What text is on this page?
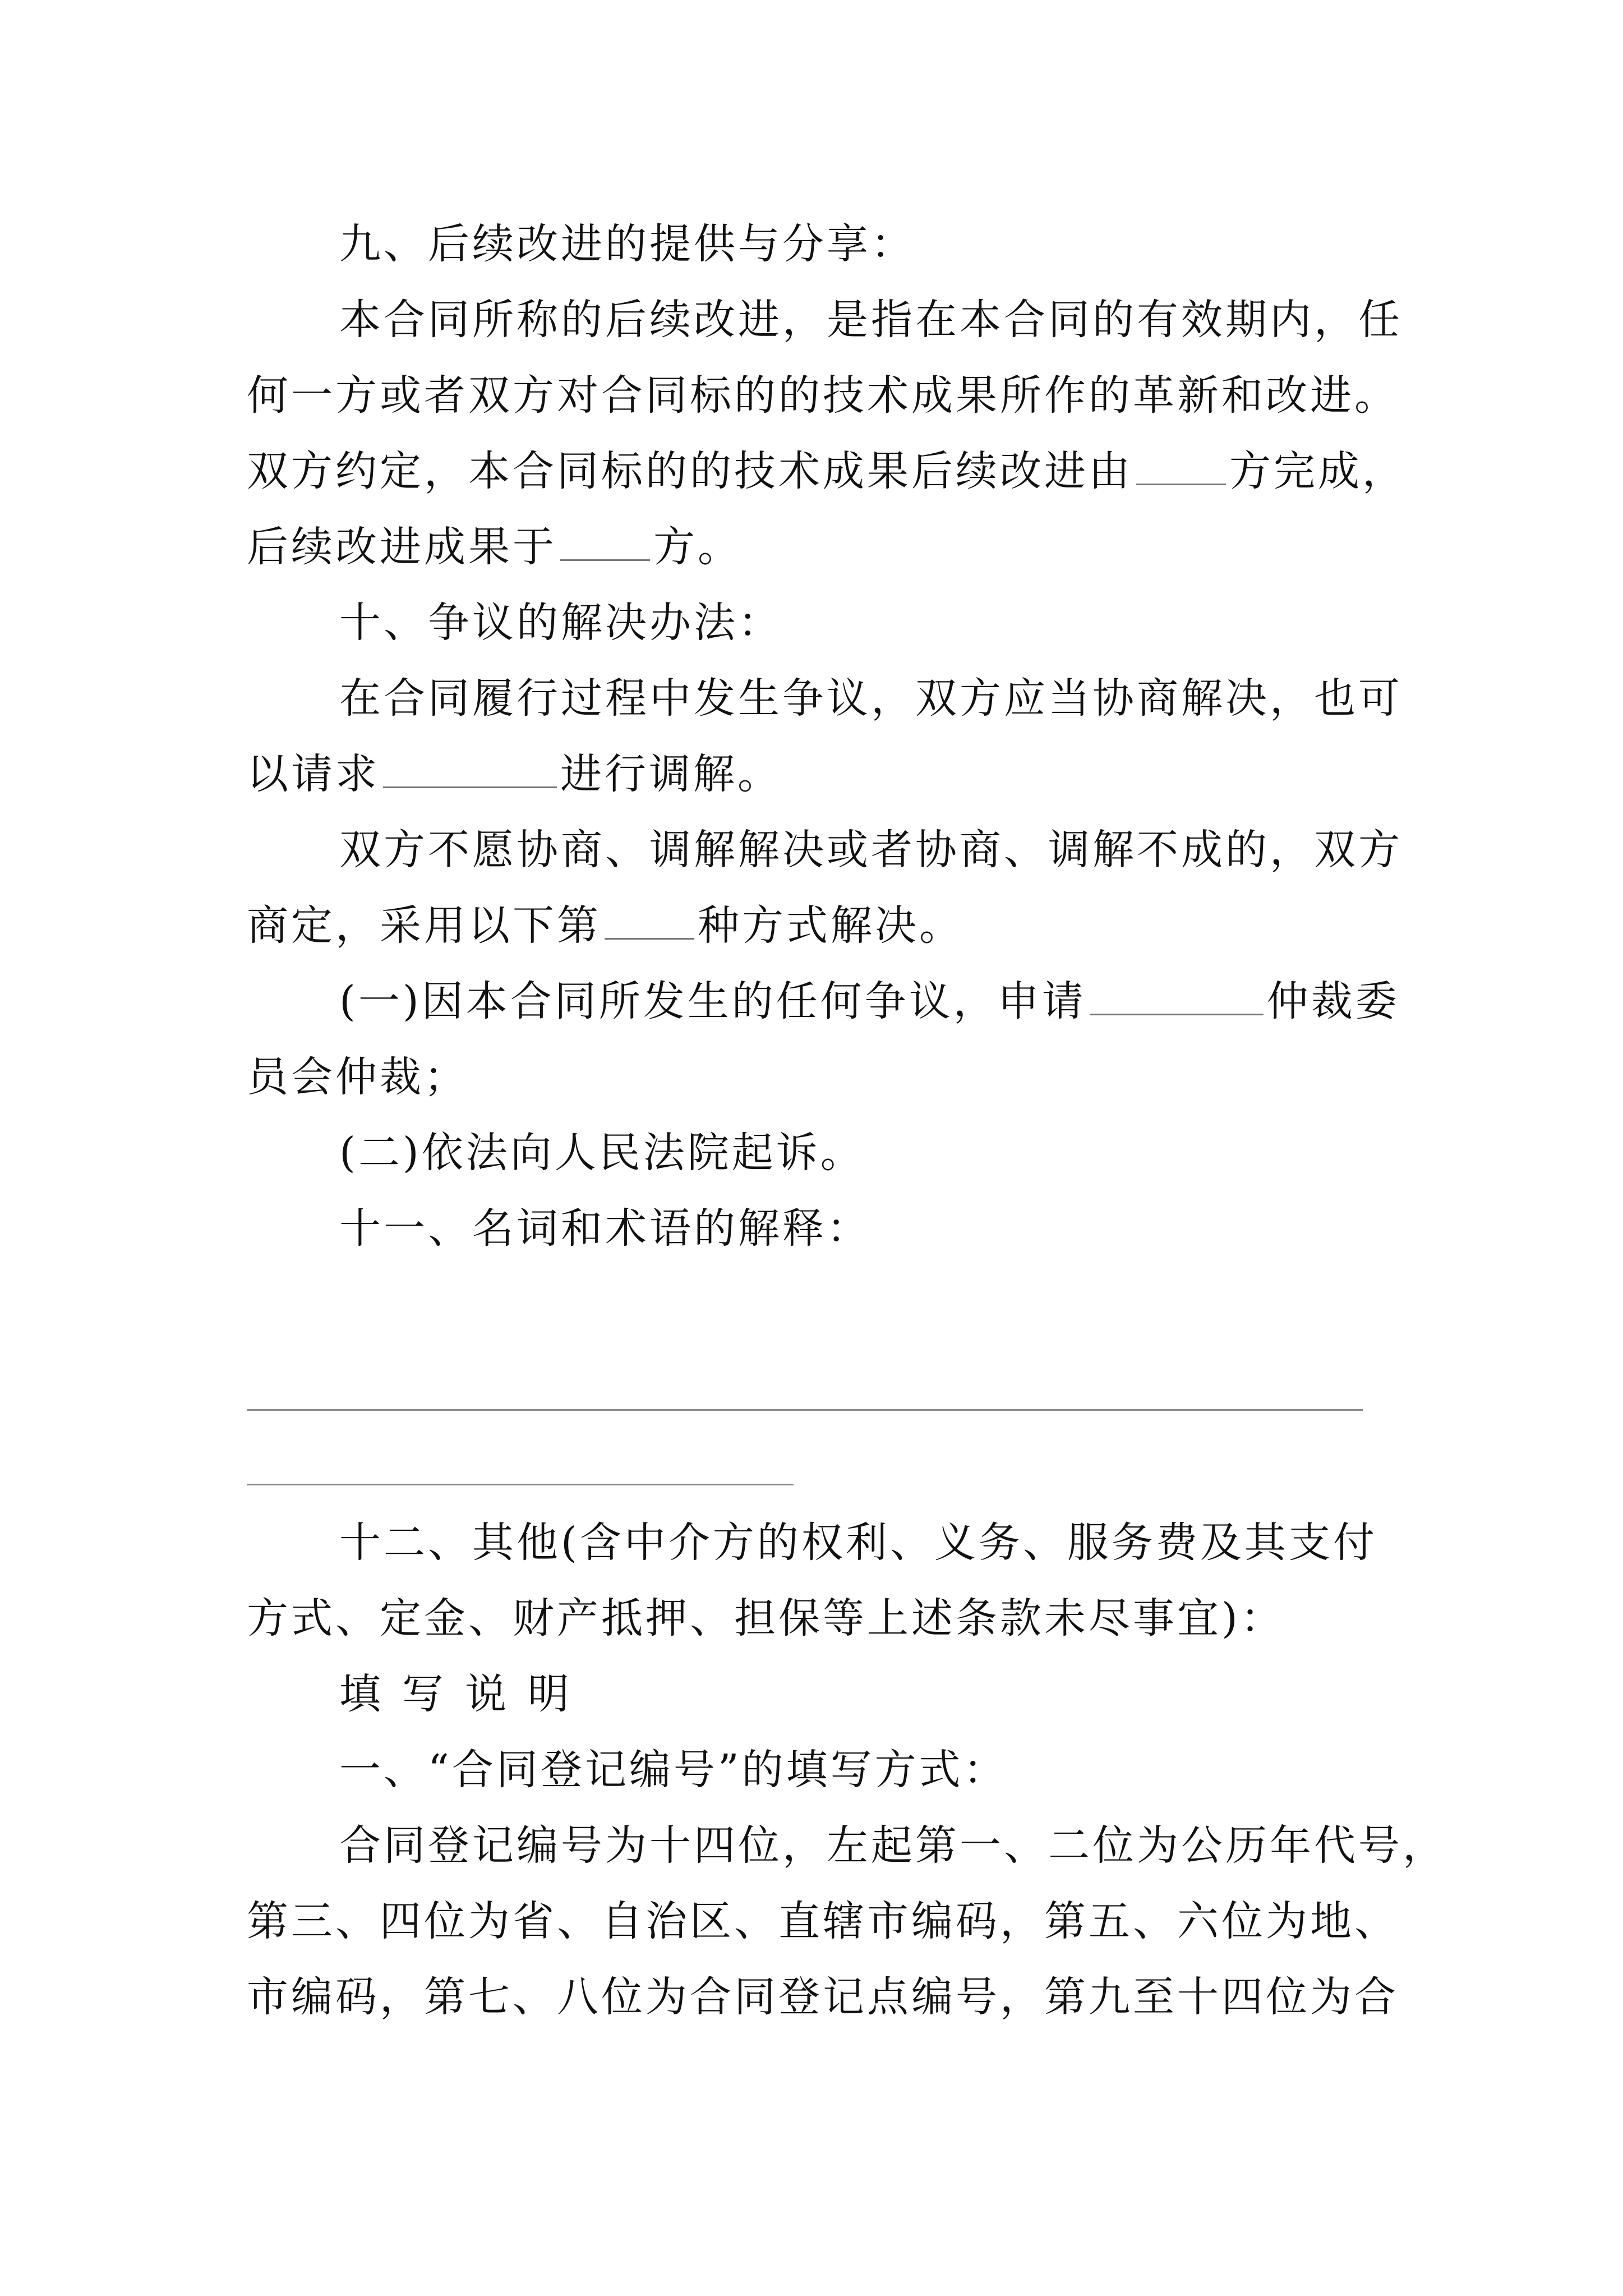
九、后续改进的提供与分享：
本合同所称的后续改进，是指在本合同的有效期内，任
何一方或者双方对合同标的的技术成果所作的革新和改进。
双方约定，本合同标的的技术成果后续改进由 方完成，
后续改进成果于 方。
十、争议的解决办法：
在合同履行过程中发生争议，双方应当协商解决，也可
以请求	进行调解。
双方不愿协商、调解解决或者协商、调解不成的，双方
商定，采用以下第 种方式解决。
(一)因本合同所发生的任何争议，申请	仲裁委
员会仲裁；
(二)依法向人民法院起诉。
十一、名词和术语的解释：
十二、其他(含中介方的权利、义务、服务费及其支付
方式、定金、财产抵押、担保等上述条款未尽事宜)：
填写说明
一、“合同登记编号”的填写方式：
合同登记编号为十四位，左起第一、二位为公历年代号，
第三、四位为省、自治区、直辖市编码，第五、六位为地、
市编码，第七、八位为合同登记点编号，第九至十四位为合
